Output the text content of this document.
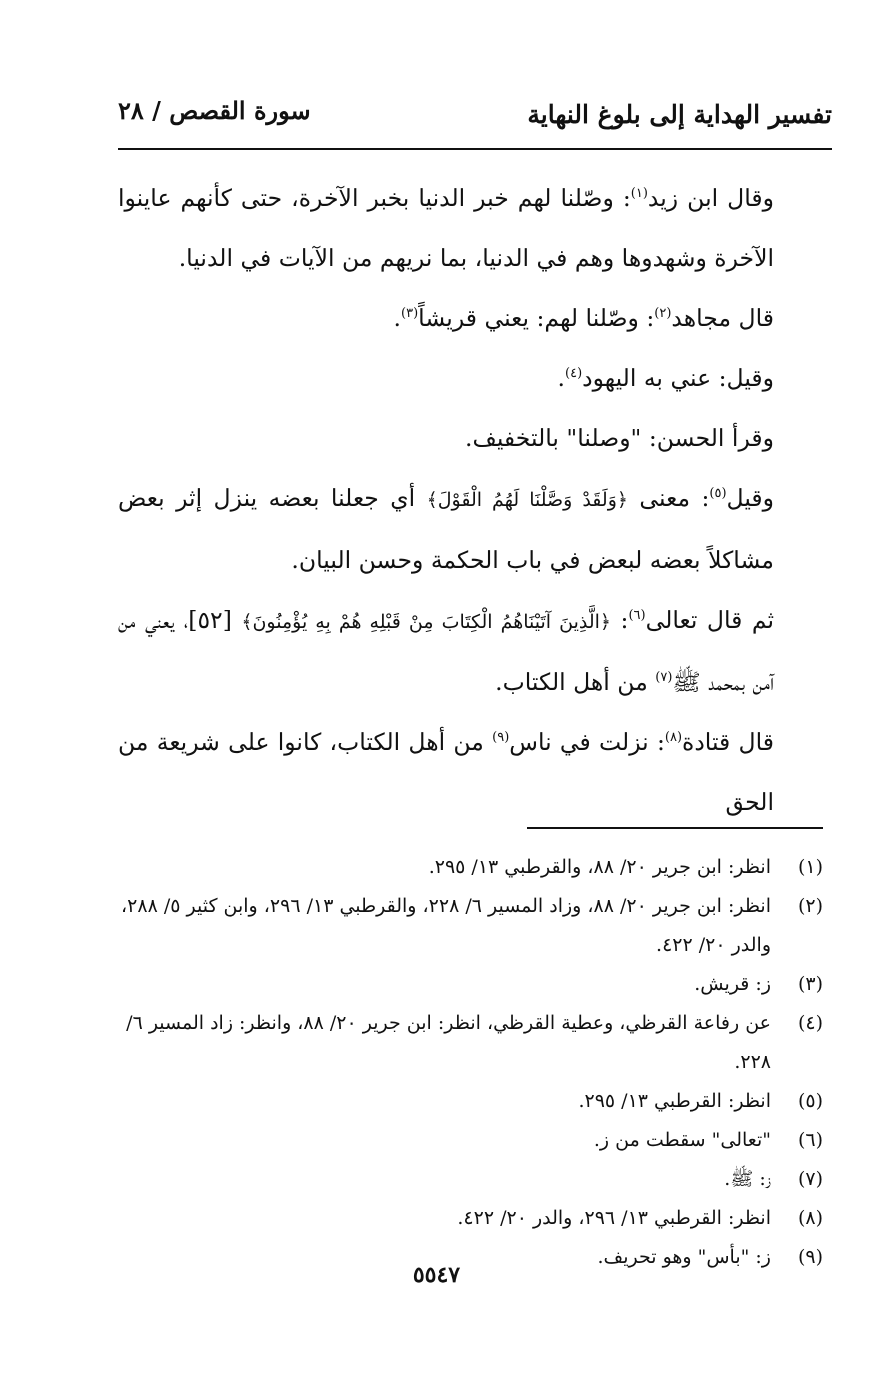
تفسير الهداية إلى بلوغ النهاية
سورة القصص / ٢٨

وقال ابن زيد$^{(١)}$: وصّلنا لهم خبر الدنيا بخبر الآخرة، حتى كأنهم عاينوا الآخرة وشهدوها وهم في الدنيا، بما نريهم من الآيات في الدنيا.

قال مجاهد$^{(٢)}$: وصّلنا لهم: يعني قريشاً$^{(٣)}$.

وقيل: عني به اليهود$^{(٤)}$.

وقرأ الحسن: "وصلنا" بالتخفيف.

وقيل$^{(٥)}$: معنى ﴿وَلَقَدْ وَصَّلْنَا لَهُمُ الْقَوْلَ﴾ أي جعلنا بعضه ينزل إثر بعض مشاكلاً بعضه لبعض في باب الحكمة وحسن البيان.

ثم قال تعالى$^{(٦)}$: ﴿الَّذِينَ آتَيْنَاهُمُ الْكِتَابَ مِنْ قَبْلِهِ هُمْ بِهِ يُؤْمِنُونَ﴾ [٥٢]، يعني من آمن بمحمد ﷺ$^{(٧)}$ من أهل الكتاب.

قال قتادة$^{(٨)}$: نزلت في ناس$^{(٩)}$ من أهل الكتاب، كانوا على شريعة من الحق

(١)
انظر: ابن جرير ٢٠/ ٨٨، والقرطبي ١٣/ ٢٩٥.
(٢)
انظر: ابن جرير ٢٠/ ٨٨، وزاد المسير ٦/ ٢٢٨، والقرطبي ١٣/ ٢٩٦، وابن كثير ٥/ ٢٨٨، والدر ٢٠/ ٤٢٢.
(٣)
ز: قريش.
(٤)
عن رفاعة القرظي، وعطية القرظي، انظر: ابن جرير ٢٠/ ٨٨، وانظر: زاد المسير ٦/ ٢٢٨.
(٥)
انظر: القرطبي ١٣/ ٢٩٥.
(٦)
"تعالى" سقطت من ز.
(٧)
ز: ﷺ.
(٨)
انظر: القرطبي ١٣/ ٢٩٦، والدر ٢٠/ ٤٢٢.
(٩)
ز: "بأس" وهو تحريف.
٥٥٤٧
